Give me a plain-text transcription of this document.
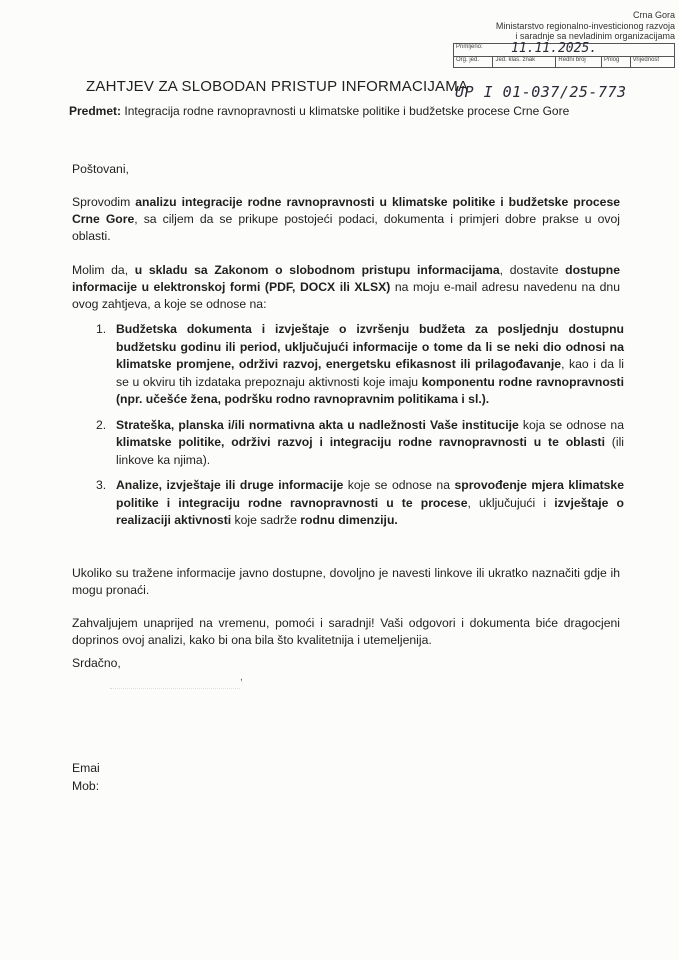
Crna Gora
Ministarstvo regionalno-investicionog razvoja
i saradnje sa nevladinim organizacijama
Primljeno:
Org. jed.	Jed. klas. znak	Redni broj	Prilog	Vrijednost

11.11.2025.
UP I 01-037/25-773
ZAHTJEV ZA SLOBODAN PRISTUP INFORMACIJAMA
Predmet: Integracija rodne ravnopravnosti u klimatske politike i budžetske procese Crne Gore

Poštovani,

Sprovodim analizu integracije rodne ravnopravnosti u klimatske politike i budžetske procese Crne Gore, sa ciljem da se prikupe postojeći podaci, dokumenta i primjeri dobre prakse u ovoj oblasti.

Molim da, u skladu sa Zakonom o slobodnom pristupu informacijama, dostavite dostupne informacije u elektronskoj formi (PDF, DOCX ili XLSX) na moju e-mail adresu navedenu na dnu ovog zahtjeva, a koje se odnose na:

1. Budžetska dokumenta i izvještaje o izvršenju budžeta za posljednju dostupnu budžetsku godinu ili period, uključujući informacije o tome da li se neki dio odnosi na klimatske promjene, održivi razvoj, energetsku efikasnost ili prilagođavanje, kao i da li se u okviru tih izdataka prepoznaju aktivnosti koje imaju komponentu rodne ravnopravnosti (npr. učešće žena, podršku rodno ravnopravnim politikama i sl.).
2. Strateška, planska i/ili normativna akta u nadležnosti Vaše institucije koja se odnose na klimatske politike, održivi razvoj i integraciju rodne ravnopravnosti u te oblasti (ili linkove ka njima).
3. Analize, izvještaje ili druge informacije koje se odnose na sprovođenje mjera klimatske politike i integraciju rodne ravnopravnosti u te procese, uključujući i izvještaje o realizaciji aktivnosti koje sadrže rodnu dimenziju.

Ukoliko su tražene informacije javno dostupne, dovoljno je navesti linkove ili ukratko naznačiti gdje ih mogu pronaći.

Zahvaljujem unaprijed na vremenu, pomoći i saradnji! Vaši odgovori i dokumenta biće dragocjeni doprinos ovoj analizi, kako bi ona bila što kvalitetnija i utemeljenija.

Srdačno,
,
Emai
Mob:
